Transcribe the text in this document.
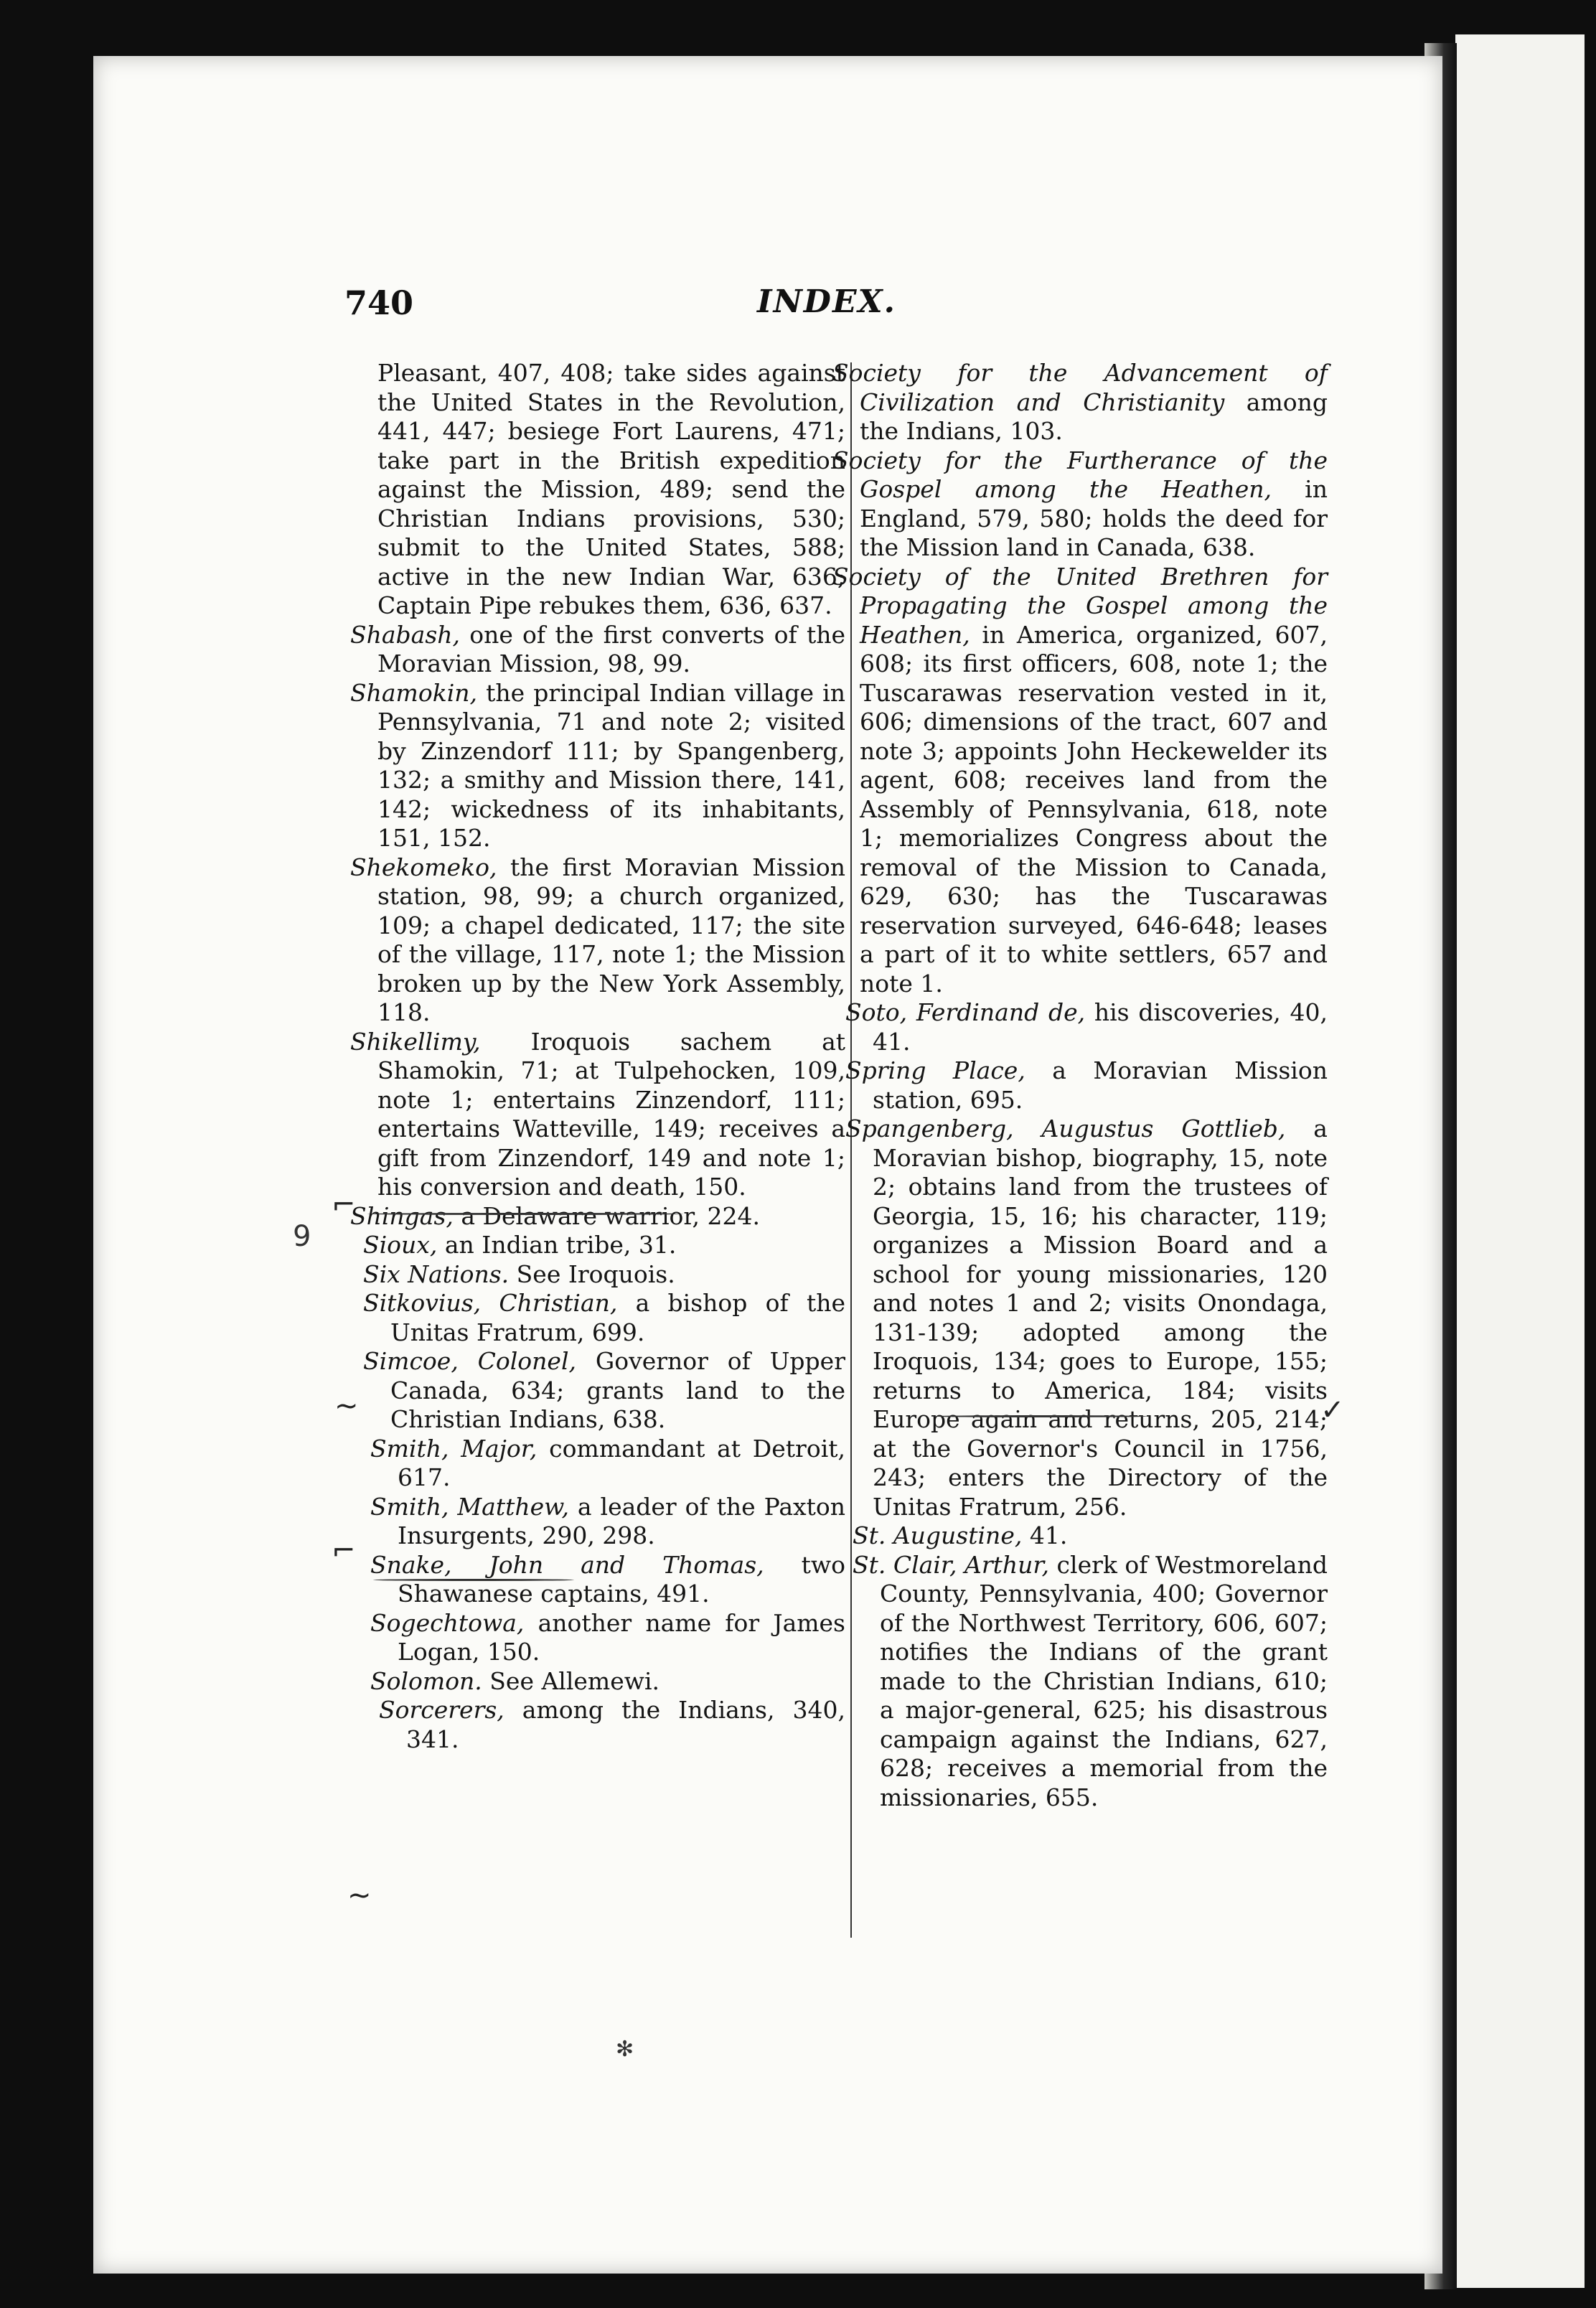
740	INDEX.

Pleasant, 407, 408; take sides against the United States in the Revolution, 441, 447; besiege Fort Laurens, 471; take part in the British expedition against the Mission, 489; send the Christian Indians provisions, 530; submit to the United States, 588; active in the new Indian War, 636; Captain Pipe rebukes them, 636, 637.

Shabash, one of the first converts of the Moravian Mission, 98, 99.

Shamokin, the principal Indian village in Pennsylvania, 71 and note 2; visited by Zinzendorf 111; by Spangenberg, 132; a smithy and Mission there, 141, 142; wickedness of its inhabitants, 151, 152.

Shekomeko, the first Moravian Mission station, 98, 99; a church organized, 109; a chapel dedicated, 117; the site of the village, 117, note 1; the Mission broken up by the New York Assembly, 118.

Shikellimy, Iroquois sachem at Shamokin, 71; at Tulpehocken, 109, note 1; entertains Zinzendorf, 111; entertains Watteville, 149; receives a gift from Zinzendorf, 149 and note 1; his conversion and death, 150.

Shingas, a Delaware warrior, 224.

Sioux, an Indian tribe, 31.

Six Nations. See Iroquois.

Sitkovius, Christian, a bishop of the Unitas Fratrum, 699.

Simcoe, Colonel, Governor of Upper Canada, 634; grants land to the Christian Indians, 638.

Smith, Major, commandant at Detroit, 617.

Smith, Matthew, a leader of the Paxton Insurgents, 290, 298.

Snake, John and Thomas, two Shawanese captains, 491.

Sogechtowa, another name for James Logan, 150.

Solomon. See Allemewi.

Sorcerers, among the Indians, 340, 341.

Society for the Advancement of Civilization and Christianity among the Indians, 103.

Society for the Furtherance of the Gospel among the Heathen, in England, 579, 580; holds the deed for the Mission land in Canada, 638.

Society of the United Brethren for Propagating the Gospel among the Heathen, in America, organized, 607, 608; its first officers, 608, note 1; the Tuscarawas reservation vested in it, 606; dimensions of the tract, 607 and note 3; appoints John Heckewelder its agent, 608; receives land from the Assembly of Pennsylvania, 618, note 1; memorializes Congress about the removal of the Mission to Canada, 629, 630; has the Tuscarawas reservation surveyed, 646-648; leases a part of it to white settlers, 657 and note 1.

Soto, Ferdinand de, his discoveries, 40, 41.

Spring Place, a Moravian Mission station, 695.

Spangenberg, Augustus Gottlieb, a Moravian bishop, biography, 15, note 2; obtains land from the trustees of Georgia, 15, 16; his character, 119; organizes a Mission Board and a school for young missionaries, 120 and notes 1 and 2; visits Onondaga, 131-139; adopted among the Iroquois, 134; goes to Europe, 155; returns to America, 184; visits Europe again and returns, 205, 214; at the Governor's Council in 1756, 243; enters the Directory of the Unitas Fratrum, 256.

St. Augustine, 41.

St. Clair, Arthur, clerk of Westmoreland County, Pennsylvania, 400; Governor of the Northwest Territory, 606, 607; notifies the Indians of the grant made to the Christian Indians, 610; a major-general, 625; his disastrous campaign against the Indians, 627, 628; receives a memorial from the missionaries, 655.

⌐
~
⌐
~
✓
9
✻
